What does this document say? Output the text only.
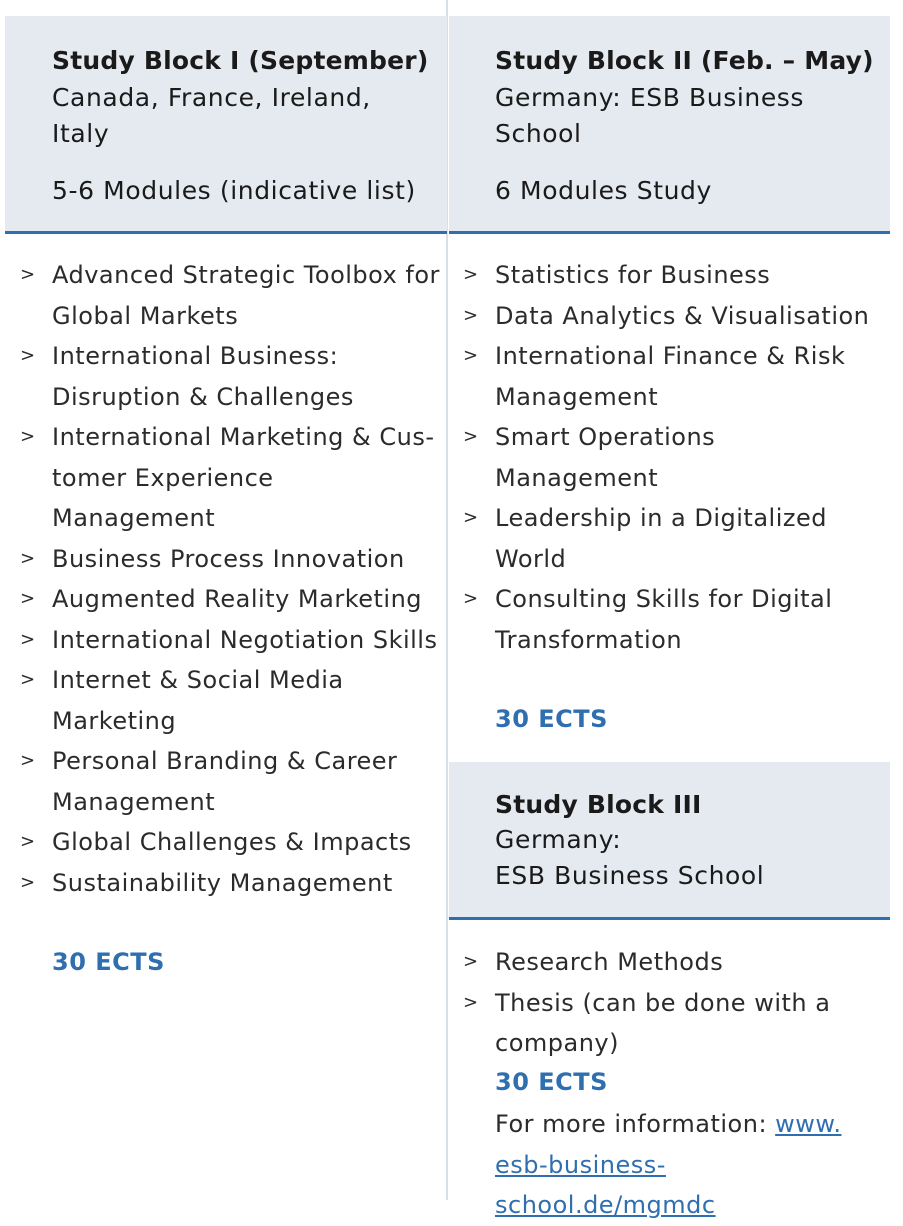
Study Block I (September)
Canada, France, Ireland,
Italy
5-6 Modules (indicative list)
> Advanced Strategic Toolbox for Global Markets
> International Business: Disruption & Challenges
> International Marketing & Customer Experience Management
> Business Process Innovation
> Augmented Reality Marketing
> International Negotiation Skills
> Internet & Social Media Marketing
> Personal Branding & Career Management
> Global Challenges & Impacts
> Sustainability Management
30 ECTS
Study Block II (Feb. – May)
Germany: ESB Business
School
6 Modules Study
> Statistics for Business
> Data Analytics & Visualisation
> International Finance & Risk Management
> Smart Operations Management
> Leadership in a Digitalized World
> Consulting Skills for Digital Transformation
30 ECTS
Study Block III
Germany:
ESB Business School
> Research Methods
> Thesis (can be done with a company)
30 ECTS
For more information: www.
esb-business-school.de/mgmdc
